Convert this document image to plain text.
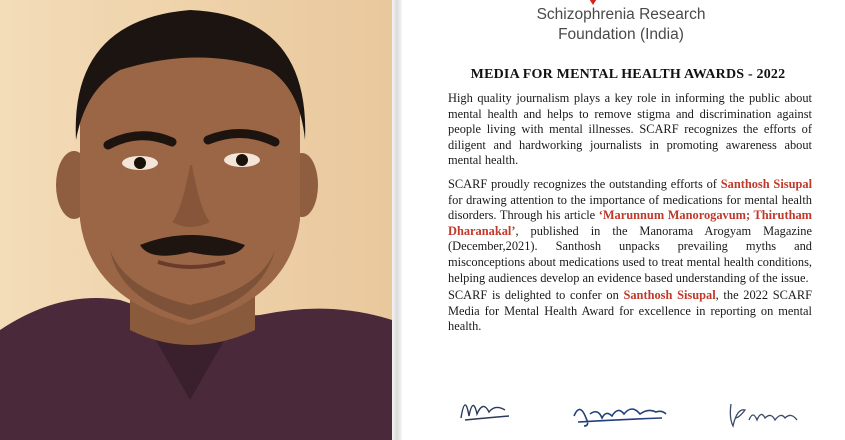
Schizophrenia Research
Foundation (India)
MEDIA FOR MENTAL HEALTH AWARDS - 2022

High quality journalism plays a key role in informing the public about mental health and helps to remove stigma and discrimination against people living with mental illnesses. SCARF recognizes the efforts of diligent and hardworking journalists in promoting awareness about mental health.

SCARF proudly recognizes the outstanding efforts of Santhosh Sisupal for drawing attention to the importance of medications for mental health disorders. Through his article ‘Marunnum Manorogavum; Thirutham Dharanakal’, published in the Manorama Arogyam Magazine (December,2021). Santhosh unpacks prevailing myths and misconceptions about medications used to treat mental health conditions, helping audiences develop an evidence based understanding of the issue.

SCARF is delighted to confer on Santhosh Sisupal, the 2022 SCARF Media for Mental Health Award for excellence in reporting on mental health.
